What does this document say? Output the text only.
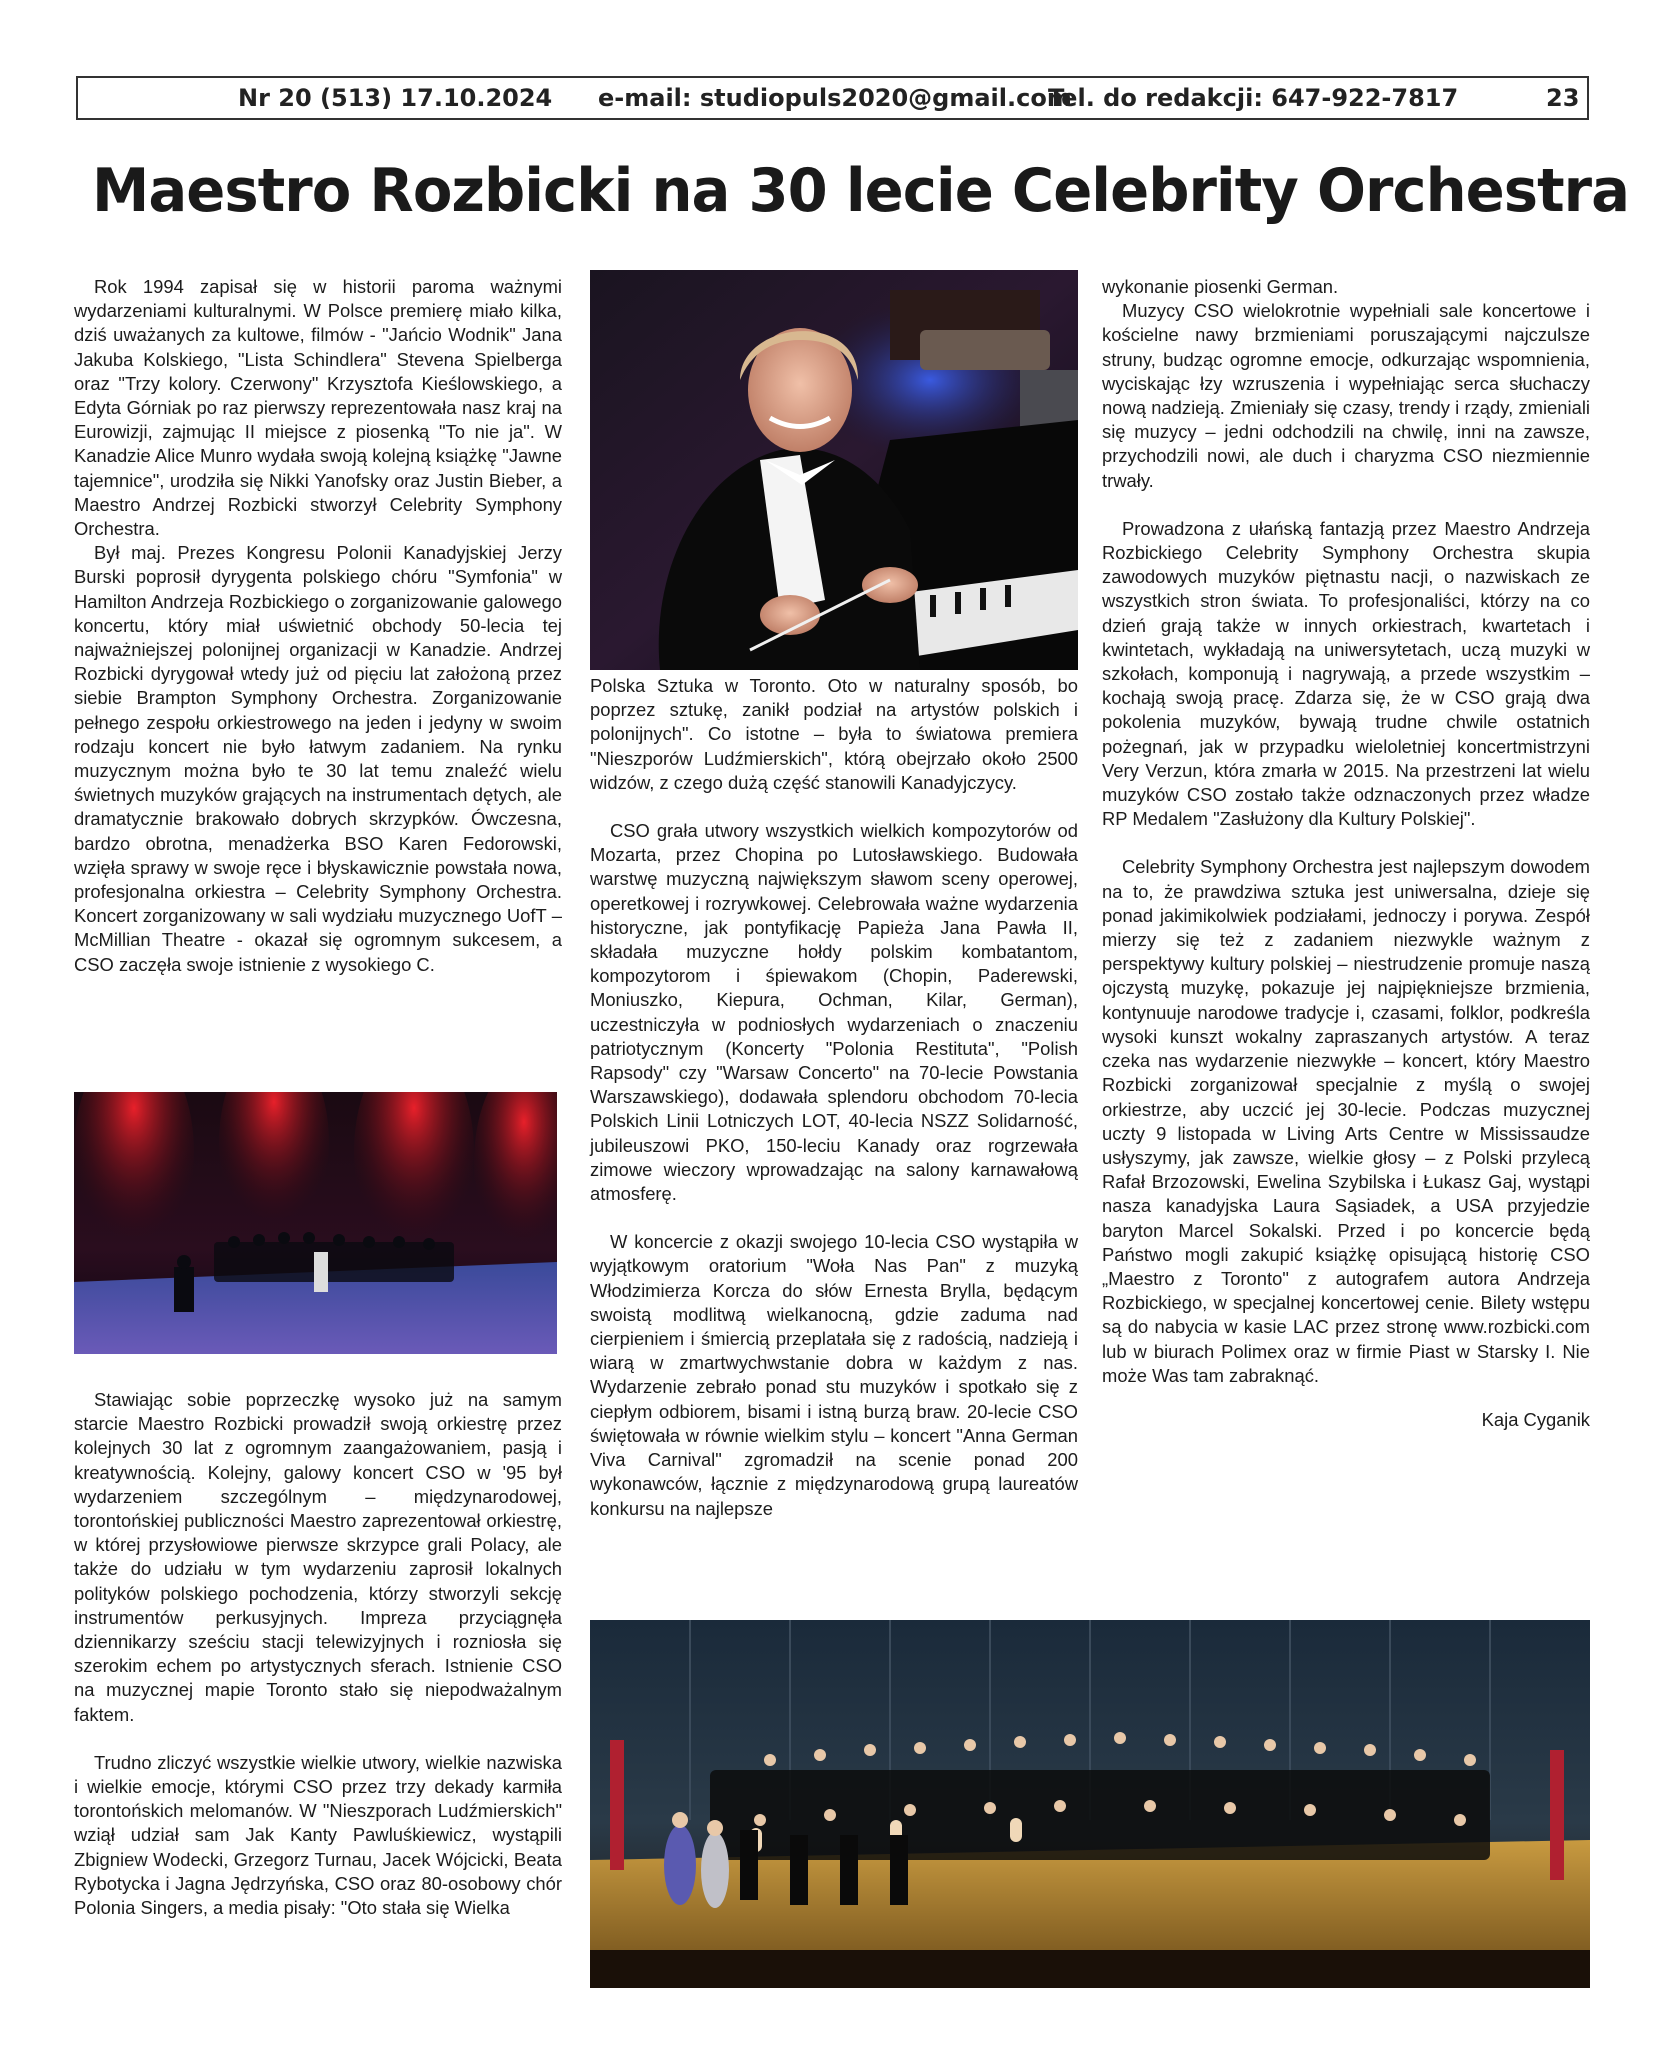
Nr 20 (513) 17.10.2024 e-mail: studiopuls2020@gmail.com
Tel. do redakcji: 647-922-7817	23
Maestro Rozbicki na 30 lecie Celebrity Orchestra

Rok 1994 zapisał się w historii paroma ważnymi wydarzeniami kulturalnymi. W Polsce premierę miało kilka, dziś uważanych za kultowe, filmów - "Jańcio Wodnik" Jana Jakuba Kolskiego, "Lista Schindlera" Stevena Spielberga oraz "Trzy kolory. Czerwony" Krzysztofa Kieślowskiego, a Edyta Górniak po raz pierwszy reprezentowała nasz kraj na Eurowizji, zajmując II miejsce z piosenką "To nie ja". W Kanadzie Alice Munro wydała swoją kolejną książkę "Jawne tajemnice", urodziła się Nikki Yanofsky oraz Justin Bieber, a Maestro Andrzej Rozbicki stworzył Celebrity Symphony Orchestra.

Był maj. Prezes Kongresu Polonii Kanadyjskiej Jerzy Burski poprosił dyrygenta polskiego chóru "Symfonia" w Hamilton Andrzeja Rozbickiego o zorganizowanie galowego koncertu, który miał uświetnić obchody 50-lecia tej najważniejszej polonijnej organizacji w Kanadzie. Andrzej Rozbicki dyrygował wtedy już od pięciu lat założoną przez siebie Brampton Symphony Orchestra. Zorganizowanie pełnego zespołu orkiestrowego na jeden i jedyny w swoim rodzaju koncert nie było łatwym zadaniem. Na rynku muzycznym można było te 30 lat temu znaleźć wielu świetnych muzyków grających na instrumentach dętych, ale dramatycznie brakowało dobrych skrzypków. Ówczesna, bardzo obrotna, menadżerka BSO Karen Fedorowski, wzięła sprawy w swoje ręce i błyskawicznie powstała nowa, profesjonalna orkiestra – Celebrity Symphony Orchestra. Koncert zorganizowany w sali wydziału muzycznego UofT – McMillian Theatre - okazał się ogromnym sukcesem, a CSO zaczęła swoje istnienie z wysokiego C.

Stawiając sobie poprzeczkę wysoko już na samym starcie Maestro Rozbicki prowadził swoją orkiestrę przez kolejnych 30 lat z ogromnym zaangażowaniem, pasją i kreatywnością. Kolejny, galowy koncert CSO w '95 był wydarzeniem szczególnym – międzynarodowej, torontońskiej publiczności Maestro zaprezentował orkiestrę, w której przysłowiowe pierwsze skrzypce grali Polacy, ale także do udziału w tym wydarzeniu zaprosił lokalnych polityków polskiego pochodzenia, którzy stworzyli sekcję instrumentów perkusyjnych. Impreza przyciągnęła dziennikarzy sześciu stacji telewizyjnych i rozniosła się szerokim echem po artystycznych sferach. Istnienie CSO na muzycznej mapie Toronto stało się niepodważalnym faktem.

Trudno zliczyć wszystkie wielkie utwory, wielkie nazwiska i wielkie emocje, którymi CSO przez trzy dekady karmiła torontońskich melomanów. W "Nieszporach Ludźmierskich" wziął udział sam Jak Kanty Pawluśkiewicz, wystąpili Zbigniew Wodecki, Grzegorz Turnau, Jacek Wójcicki, Beata Rybotycka i Jagna Jędrzyńska, CSO oraz 80-osobowy chór Polonia Singers, a media pisały: "Oto stała się Wielka

Polska Sztuka w Toronto. Oto w naturalny sposób, bo poprzez sztukę, zanikł podział na artystów polskich i polonijnych". Co istotne – była to światowa premiera "Nieszporów Ludźmierskich", którą obejrzało około 2500 widzów, z czego dużą część stanowili Kanadyjczycy.

CSO grała utwory wszystkich wielkich kompozytorów od Mozarta, przez Chopina po Lutosławskiego. Budowała warstwę muzyczną największym sławom sceny operowej, operetkowej i rozrywkowej. Celebrowała ważne wydarzenia historyczne, jak pontyfikację Papieża Jana Pawła II, składała muzyczne hołdy polskim kombatantom, kompozytorom i śpiewakom (Chopin, Paderewski, Moniuszko, Kiepura, Ochman, Kilar, German), uczestniczyła w podniosłych wydarzeniach o znaczeniu patriotycznym (Koncerty "Polonia Restituta", "Polish Rapsody" czy "Warsaw Concerto" na 70-lecie Powstania Warszawskiego), dodawała splendoru obchodom 70-lecia Polskich Linii Lotniczych LOT, 40-lecia NSZZ Solidarność, jubileuszowi PKO, 150-leciu Kanady oraz rogrzewała zimowe wieczory wprowadzając na salony karnawałową atmosferę.

W koncercie z okazji swojego 10-lecia CSO wystąpiła w wyjątkowym oratorium "Woła Nas Pan" z muzyką Włodzimierza Korcza do słów Ernesta Brylla, będącym swoistą modlitwą wielkanocną, gdzie zaduma nad cierpieniem i śmiercią przeplatała się z radością, nadzieją i wiarą w zmartwychwstanie dobra w każdym z nas. Wydarzenie zebrało ponad stu muzyków i spotkało się z ciepłym odbiorem, bisami i istną burzą braw. 20-lecie CSO świętowała w równie wielkim stylu – koncert "Anna German Viva Carnival" zgromadził na scenie ponad 200 wykonawców, łącznie z międzynarodową grupą laureatów konkursu na najlepsze

wykonanie piosenki German.

Muzycy CSO wielokrotnie wypełniali sale koncertowe i kościelne nawy brzmieniami poruszającymi najczulsze struny, budząc ogromne emocje, odkurzając wspomnienia, wyciskając łzy wzruszenia i wypełniając serca słuchaczy nową nadzieją. Zmieniały się czasy, trendy i rządy, zmieniali się muzycy – jedni odchodzili na chwilę, inni na zawsze, przychodzili nowi, ale duch i charyzma CSO niezmiennie trwały.

Prowadzona z ułańską fantazją przez Maestro Andrzeja Rozbickiego Celebrity Symphony Orchestra skupia zawodowych muzyków piętnastu nacji, o nazwiskach ze wszystkich stron świata. To profesjonaliści, którzy na co dzień grają także w innych orkiestrach, kwartetach i kwintetach, wykładają na uniwersytetach, uczą muzyki w szkołach, komponują i nagrywają, a przede wszystkim – kochają swoją pracę. Zdarza się, że w CSO grają dwa pokolenia muzyków, bywają trudne chwile ostatnich pożegnań, jak w przypadku wieloletniej koncertmistrzyni Very Verzun, która zmarła w 2015. Na przestrzeni lat wielu muzyków CSO zostało także odznaczonych przez władze RP Medalem "Zasłużony dla Kultury Polskiej".

Celebrity Symphony Orchestra jest najlepszym dowodem na to, że prawdziwa sztuka jest uniwersalna, dzieje się ponad jakimikolwiek podziałami, jednoczy i porywa. Zespół mierzy się też z zadaniem niezwykle ważnym z perspektywy kultury polskiej – niestrudzenie promuje naszą ojczystą muzykę, pokazuje jej najpiękniejsze brzmienia, kontynuuje narodowe tradycje i, czasami, folklor, podkreśla wysoki kunszt wokalny zapraszanych artystów. A teraz czeka nas wydarzenie niezwykłe – koncert, który Maestro Rozbicki zorganizował specjalnie z myślą o swojej orkiestrze, aby uczcić jej 30-lecie. Podczas muzycznej uczty 9 listopada w Living Arts Centre w Mississaudze usłyszymy, jak zawsze, wielkie głosy – z Polski przylecą Rafał Brzozowski, Ewelina Szybilska i Łukasz Gaj, wystąpi nasza kanadyjska Laura Sąsiadek, a USA przyjedzie baryton Marcel Sokalski. Przed i po koncercie będą Państwo mogli zakupić książkę opisującą historię CSO „Maestro z Toronto" z autografem autora Andrzeja Rozbickiego, w specjalnej koncertowej cenie. Bilety wstępu są do nabycia w kasie LAC przez stronę www.rozbicki.com lub w biurach Polimex oraz w firmie Piast w Starsky I. Nie może Was tam zabraknąć.

Kaja Cyganik
